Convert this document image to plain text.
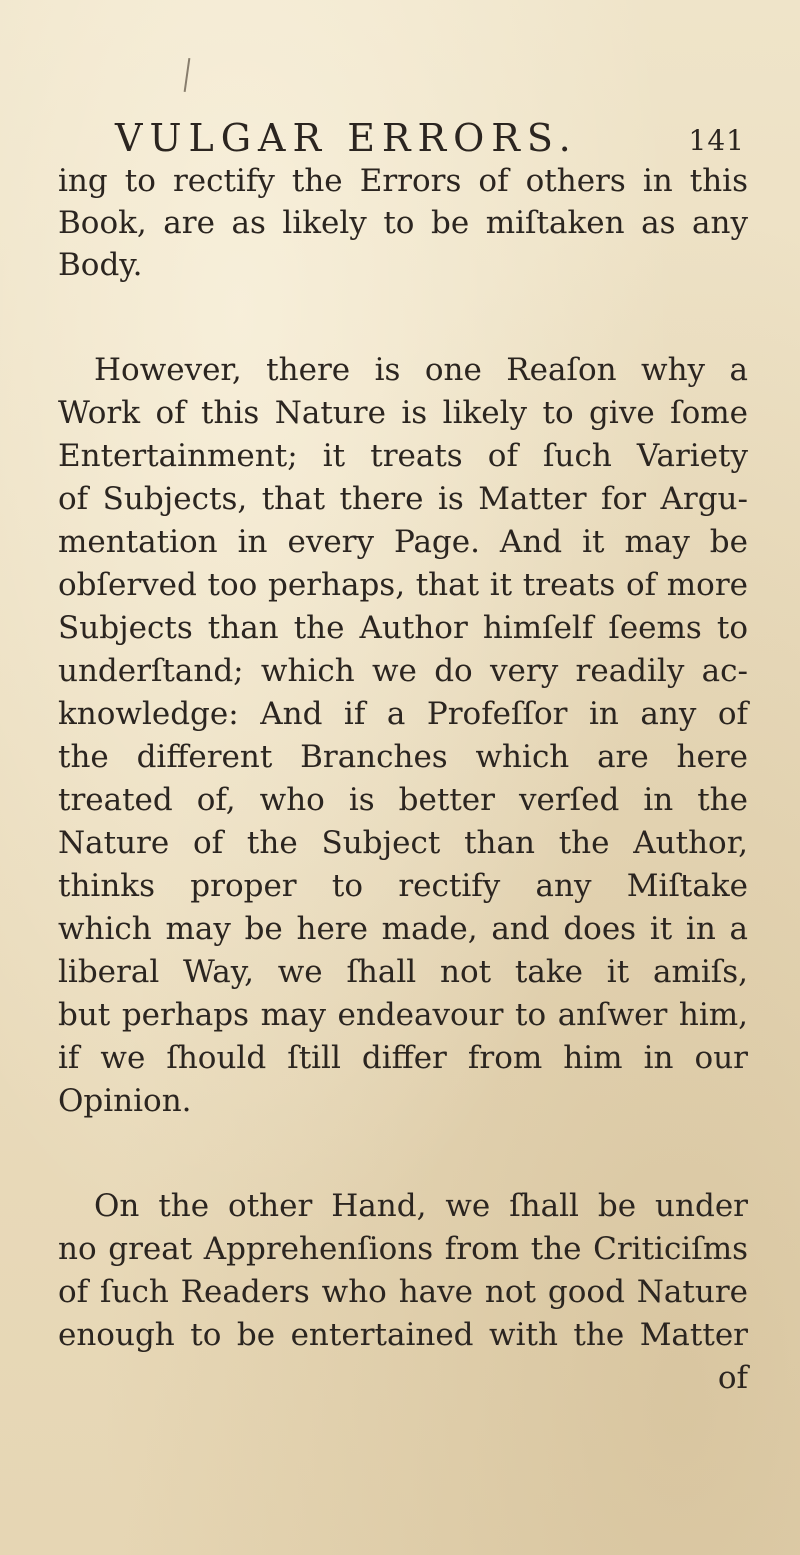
VULGAR ERRORS.	141
ing to rectify the Errors of others in this
Book, are as likely to be miſtaken as any
Body.
However, there is one Reaſon why a
Work of this Nature is likely to give ſome
Entertainment; it treats of ſuch Variety
of Subjects, that there is Matter for Argu-
mentation in every Page. And it may be
obſerved too perhaps, that it treats of more
Subjects than the Author himſelf ſeems to
underſtand; which we do very readily ac-
knowledge: And if a Profeſſor in any of
the different Branches which are here
treated of, who is better verſed in the
Nature of the Subject than the Author,
thinks proper to rectify any Miſtake
which may be here made, and does it in a
liberal Way, we ſhall not take it amiſs,
but perhaps may endeavour to anſwer him,
if we ſhould ſtill differ from him in our
Opinion.
On the other Hand, we ſhall be under
no great Apprehenſions from the Criticiſms
of ſuch Readers who have not good Nature
enough to be entertained with the Matter
of
